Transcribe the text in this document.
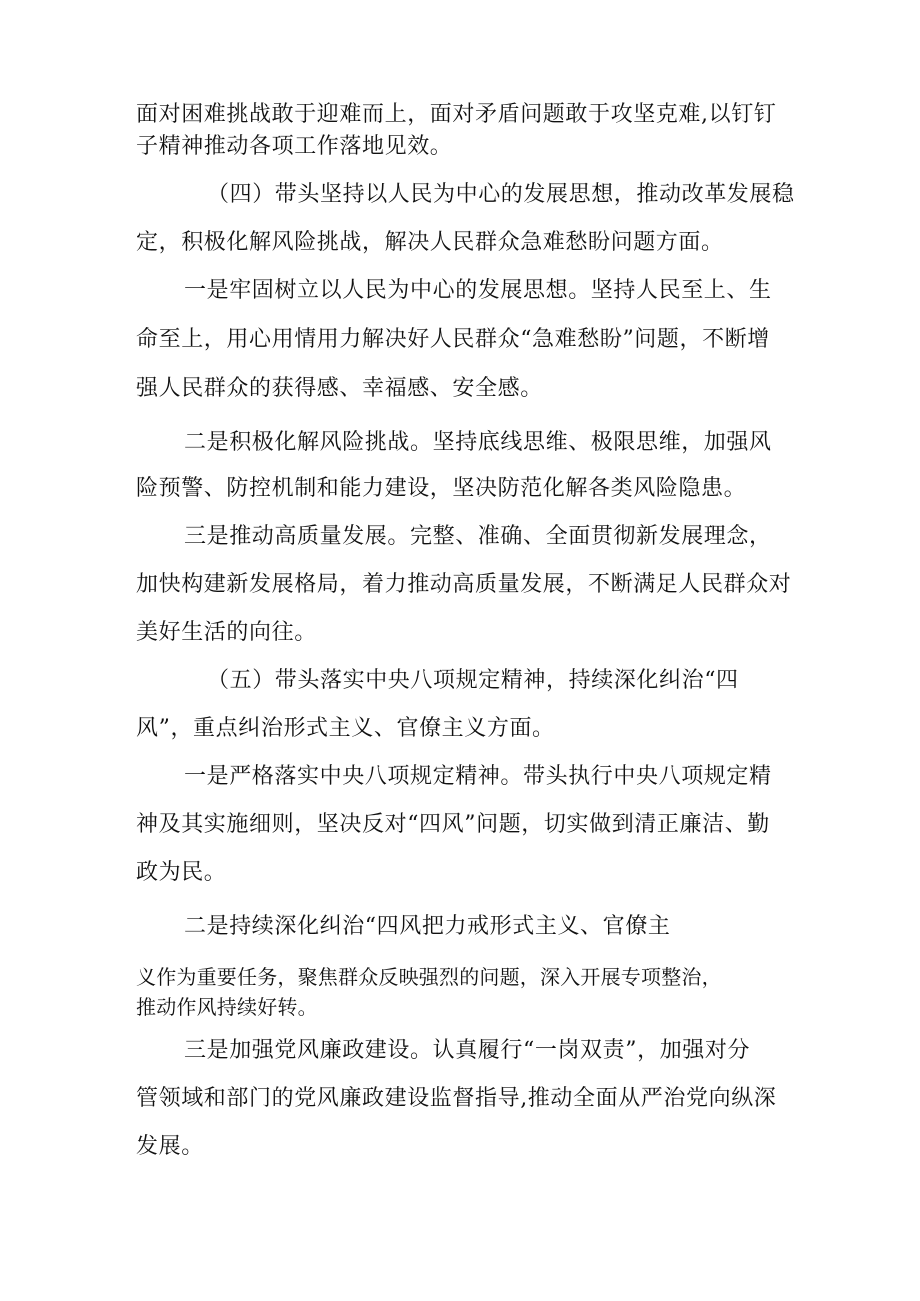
面对困难挑战敢于迎难而上，面对矛盾问题敢于攻坚克难,以钉钉

子精神推动各项工作落地见效。

（四）带头坚持以人民为中心的发展思想，推动改革发展稳

定，积极化解风险挑战，解决人民群众急难愁盼问题方面。

一是牢固树立以人民为中心的发展思想。坚持人民至上、生

命至上，用心用情用力解决好人民群众“急难愁盼”问题，不断增

强人民群众的获得感、幸福感、安全感。

二是积极化解风险挑战。坚持底线思维、极限思维，加强风

险预警、防控机制和能力建设，坚决防范化解各类风险隐患。

三是推动高质量发展。完整、准确、全面贯彻新发展理念，

加快构建新发展格局，着力推动高质量发展，不断满足人民群众对

美好生活的向往。

（五）带头落实中央八项规定精神，持续深化纠治“四

风”，重点纠治形式主义、官僚主义方面。

一是严格落实中央八项规定精神。带头执行中央八项规定精

神及其实施细则，坚决反对“四风”问题，切实做到清正廉洁、勤

政为民。

二是持续深化纠治“四风把力戒形式主义、官僚主

义作为重要任务，聚焦群众反映强烈的问题，深入开展专项整治，

推动作风持续好转。

三是加强党风廉政建设。认真履行“一岗双责”，加强对分

管领域和部门的党风廉政建设监督指导,推动全面从严治党向纵深

发展。
